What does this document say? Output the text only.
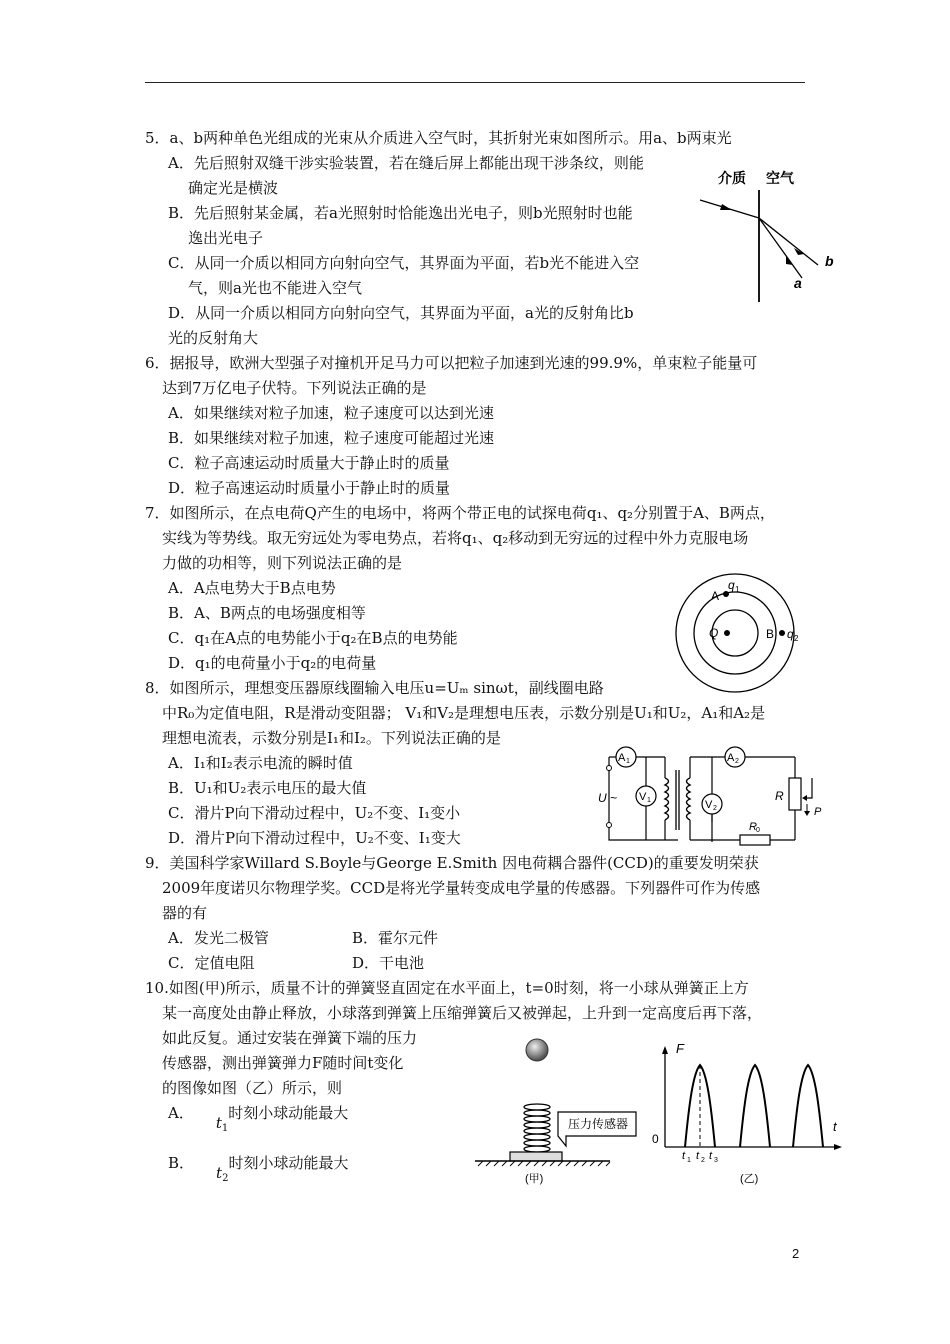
5．a、b两种单色光组成的光束从介质进入空气时，其折射光束如图所示。用a、b两束光
A．先后照射双缝干涉实验装置，若在缝后屏上都能出现干涉条纹，则能
确定光是横波
B．先后照射某金属，若a光照射时恰能逸出光电子，则b光照射时也能
逸出光电子
C．从同一介质以相同方向射向空气，其界面为平面，若b光不能进入空
气，则a光也不能进入空气
D．从同一介质以相同方向射向空气，其界面为平面，a光的反射角比b
光的反射角大
介质 空气
b
a
6．据报导，欧洲大型强子对撞机开足马力可以把粒子加速到光速的99.9%，单束粒子能量可
达到7万亿电子伏特。下列说法正确的是
A．如果继续对粒子加速，粒子速度可以达到光速
B．如果继续对粒子加速，粒子速度可能超过光速
C．粒子高速运动时质量大于静止时的质量
D．粒子高速运动时质量小于静止时的质量
7．如图所示，在点电荷Q产生的电场中，将两个带正电的试探电荷q₁、q₂分别置于A、B两点，
实线为等势线。取无穷远处为零电势点，若将q₁、q₂移动到无穷远的过程中外力克服电场
力做的功相等，则下列说法正确的是
A．A点电势大于B点电势
B．A、B两点的电场强度相等
C．q₁在A点的电势能小于q₂在B点的电势能
D．q₁的电荷量小于q₂的电荷量
A
q 1
Q	B q 2
8．如图所示，理想变压器原线圈输入电压u=Uₘ sinωt，副线圈电路
中R₀为定值电阻，R是滑动变阻器； V₁和V₂是理想电压表，示数分别是U₁和U₂，A₁和A₂是
理想电流表，示数分别是I₁和I₂。下列说法正确的是
A．I₁和I₂表示电流的瞬时值
B．U₁和U₂表示电压的最大值
C．滑片P向下滑动过程中，U₂不变、I₁变小
D．滑片P向下滑动过程中，U₂不变、I₁变大
A 1	A 2
V 1	V 2
U ~	R
P
R 0
9．美国科学家Willard S.Boyle与George E.Smith 因电荷耦合器件(CCD)的重要发明荣获
2009年度诺贝尔物理学奖。CCD是将光学量转变成电学量的传感器。下列器件可作为传感
器的有
A．发光二极管	B．霍尔元件
C．定值电阻	D．干电池
10.如图(甲)所示，质量不计的弹簧竖直固定在水平面上，t=0时刻，将一小球从弹簧正上方
某一高度处由静止释放，小球落到弹簧上压缩弹簧后又被弹起，上升到一定高度后再下落，
如此反复。通过安装在弹簧下端的压力
传感器，测出弹簧弹力F随时间t变化
的图像如图（乙）所示，则
A．$t_1$时刻小球动能最大
B．$t_2$时刻小球动能最大
压力传感器
(甲)
F
t
0
t 1 t 2 t 3
(乙)
2
